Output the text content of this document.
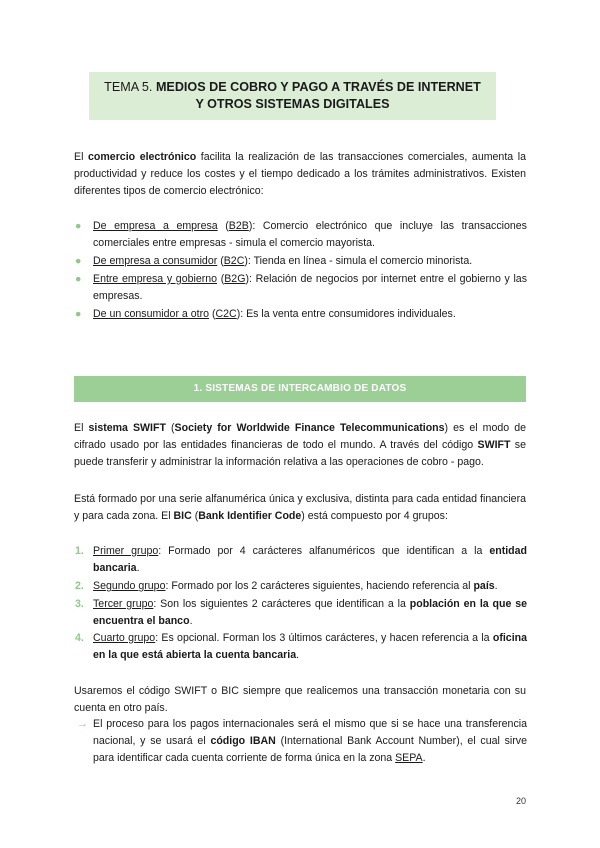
TEMA 5. MEDIOS DE COBRO Y PAGO A TRAVÉS DE INTERNET
Y OTROS SISTEMAS DIGITALES
El comercio electrónico facilita la realización de las transacciones comerciales, aumenta la productividad y reduce los costes y el tiempo dedicado a los trámites administrativos. Existen diferentes tipos de comercio electrónico:
● De empresa a empresa (B2B): Comercio electrónico que incluye las transacciones comerciales entre empresas - simula el comercio mayorista.
● De empresa a consumidor (B2C): Tienda en línea - simula el comercio minorista.
● Entre empresa y gobierno (B2G): Relación de negocios por internet entre el gobierno y las empresas.
● De un consumidor a otro (C2C): Es la venta entre consumidores individuales.
1. SISTEMAS DE INTERCAMBIO DE DATOS
El sistema SWIFT (Society for Worldwide Finance Telecommunications) es el modo de cifrado usado por las entidades financieras de todo el mundo. A través del código SWIFT se puede transferir y administrar la información relativa a las operaciones de cobro - pago.
Está formado por una serie alfanumérica única y exclusiva, distinta para cada entidad financiera y para cada zona. El BIC (Bank Identifier Code) está compuesto por 4 grupos:
1. Primer grupo: Formado por 4 carácteres alfanuméricos que identifican a la entidad bancaria.
2. Segundo grupo: Formado por los 2 carácteres siguientes, haciendo referencia al país.
3. Tercer grupo: Son los siguientes 2 carácteres que identifican a la población en la que se encuentra el banco.
4. Cuarto grupo: Es opcional. Forman los 3 últimos carácteres, y hacen referencia a la oficina en la que está abierta la cuenta bancaria.
Usaremos el código SWIFT o BIC siempre que realicemos una transacción monetaria con su cuenta en otro país.
→ El proceso para los pagos internacionales será el mismo que si se hace una transferencia nacional, y se usará el código IBAN (International Bank Account Number), el cual sirve para identificar cada cuenta corriente de forma única en la zona SEPA.
20
